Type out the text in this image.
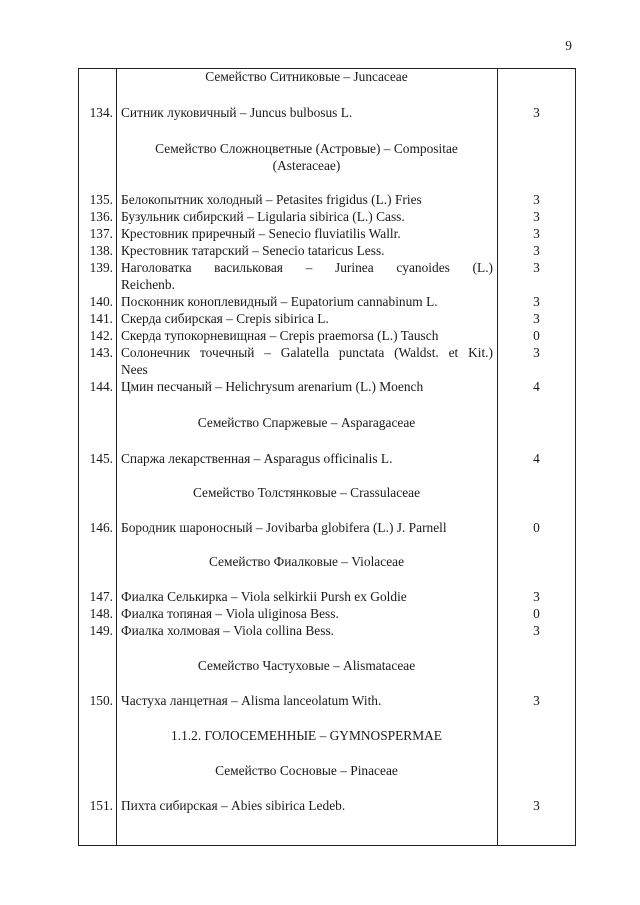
9
Семейство Ситниковые – Juncaceae
134. Ситник луковичный – Juncus bulbosus L.	3
Семейство Сложноцветные (Астровые) – Compositae
(Asteraceae)
135. Белокопытник холодный – Petasites frigidus (L.) Fries	3
136. Бузульник сибирский – Ligularia sibirica (L.) Cass.	3
137. Крестовник приречный – Senecio fluviatilis Wallr.	3
138. Крестовник татарский – Senecio tataricus Less.	3
139. Наголоватка васильковая – Jurinea cyanoides (L.)	3
Reichenb.
140. Посконник коноплевидный – Eupatorium cannabinum L.	3
141. Скерда сибирская – Crepis sibirica L.	3
142. Скерда тупокорневищная – Crepis praemorsa (L.) Tausch	0
143. Солонечник точечный – Galatella punctata (Waldst. et Kit.)	3
Nees
144. Цмин песчаный – Helichrysum arenarium (L.) Moench	4
Семейство Спаржевые – Asparagaceae
145. Спаржа лекарственная – Asparagus officinalis L.	4
Семейство Толстянковые – Crassulaceae
146. Бородник шароносный – Jovibarba globifera (L.) J. Parnell	0
Семейство Фиалковые – Violaceae
147. Фиалка Селькирка – Viola selkirkii Pursh ex Goldie	3
148. Фиалка топяная – Viola uliginosa Bess.	0
149. Фиалка холмовая – Viola collina Bess.	3
Семейство Частуховые – Alismataceae
150. Частуха ланцетная – Alisma lanceolatum With.	3
1.1.2. ГОЛОСЕМЕННЫЕ – GYMNOSPERMAE
Семейство Сосновые – Pinaceae
151. Пихта сибирская – Abies sibirica Ledeb.	3
